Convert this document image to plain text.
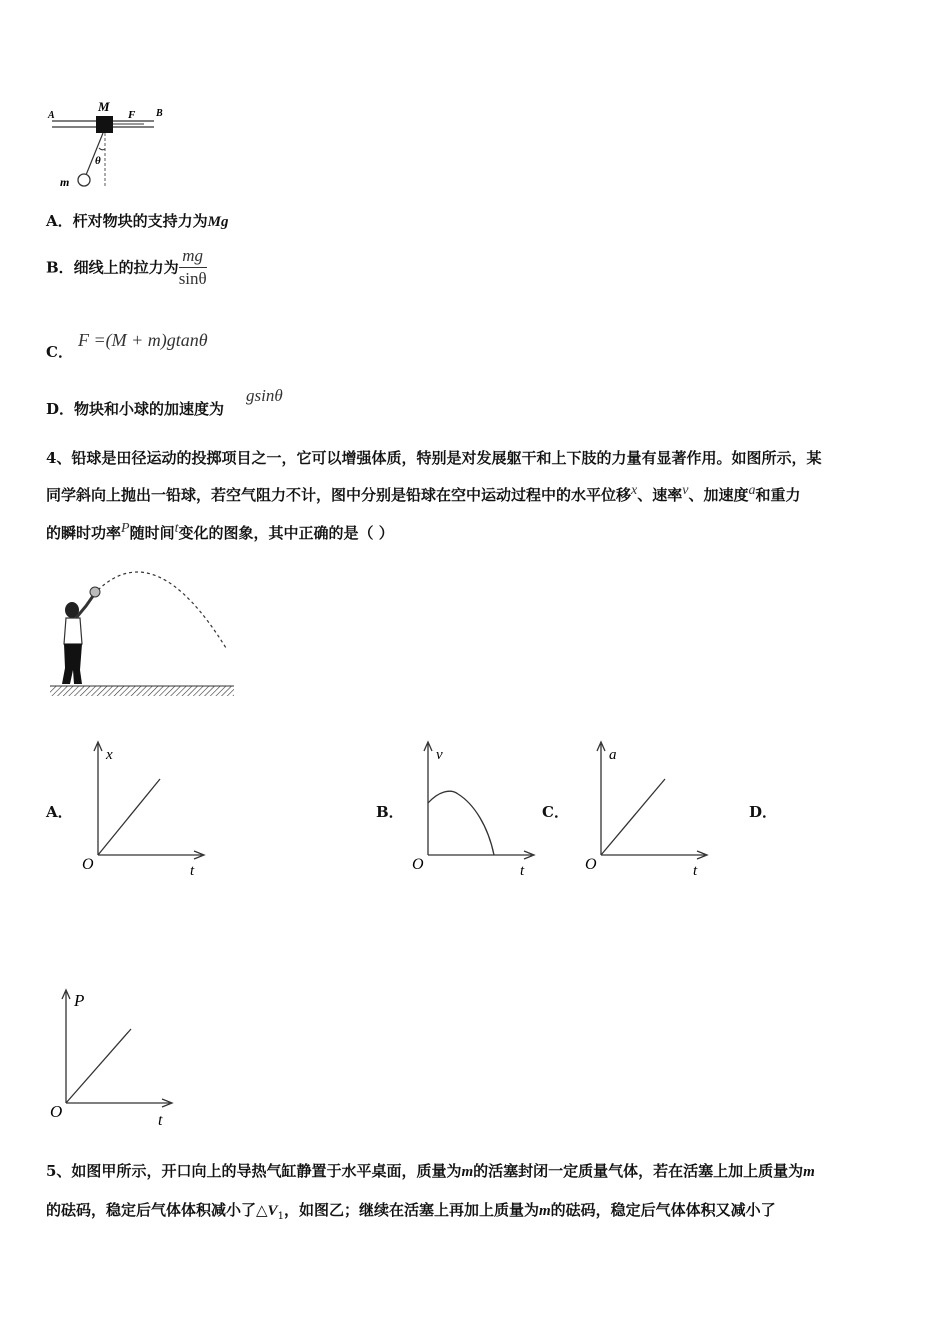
A
M
F B
θ
m
A．杆对物块的支持力为Mg
B．细线上的拉力为 $\frac{mg}{\sin\theta}$
C．
F =(M + m)gtanθ
D．物块和小球的加速度为
gsinθ
4、铅球是田径运动的投掷项目之一，它可以增强体质，特别是对发展躯干和上下肢的力量有显著作用。如图所示，某
同学斜向上抛出一铅球，若空气阻力不计，图中分别是铅球在空中运动过程中的水平位移x、速率v、加速度a和重力
的瞬时功率P随时间t变化的图象，其中正确的是（ ）
A．
x
t
O
B．
v
t
O
C．
a
t
O
D．
P
t
O
5、如图甲所示，开口向上的导热气缸静置于水平桌面，质量为m的活塞封闭一定质量气体，若在活塞上加上质量为m
的砝码，稳定后气体体积减小了$\triangle V_1$，如图乙；继续在活塞上再加上质量为m的砝码，稳定后气体体积又减小了
